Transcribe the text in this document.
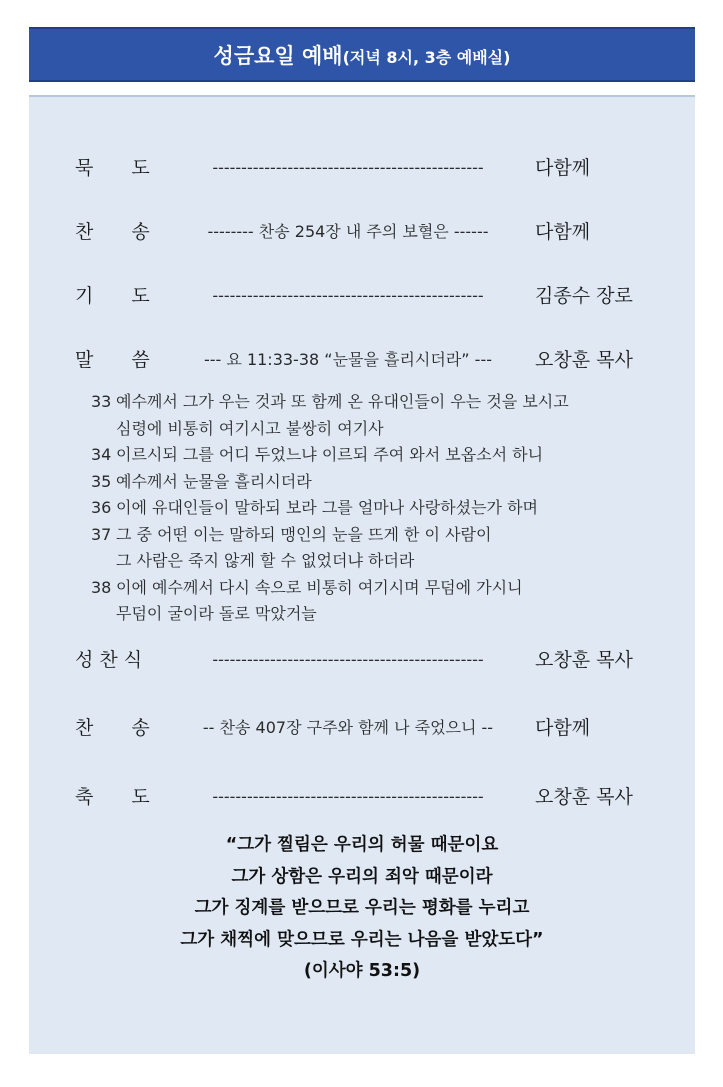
성금요일 예배(저녁 8시, 3층 예배실)
묵　　도	-----------------------------------------------	다함께
찬　　송	-------- 찬송 254장 내 주의 보혈은 ------	다함께
기　　도	-----------------------------------------------	김종수 장로
말　　씀	--- 요 11:33-38 “눈물을 흘리시더라” ---	오창훈 목사
33 예수께서 그가 우는 것과 또 함께 온 유대인들이 우는 것을 보시고
심령에 비통히 여기시고 불쌍히 여기사
34 이르시되 그를 어디 두었느냐 이르되 주여 와서 보옵소서 하니
35 예수께서 눈물을 흘리시더라
36 이에 유대인들이 말하되 보라 그를 얼마나 사랑하셨는가 하며
37 그 중 어떤 이는 말하되 맹인의 눈을 뜨게 한 이 사람이
그 사람은 죽지 않게 할 수 없었더냐 하더라
38 이에 예수께서 다시 속으로 비통히 여기시며 무덤에 가시니
무덤이 굴이라 돌로 막았거늘
성 찬 식	-----------------------------------------------	오창훈 목사
찬　　송	-- 찬송 407장 구주와 함께 나 죽었으니 --	다함께
축　　도	-----------------------------------------------	오창훈 목사
“그가 찔림은 우리의 허물 때문이요
그가 상함은 우리의 죄악 때문이라
그가 징계를 받으므로 우리는 평화를 누리고
그가 채찍에 맞으므로 우리는 나음을 받았도다”
(이사야 53:5)
